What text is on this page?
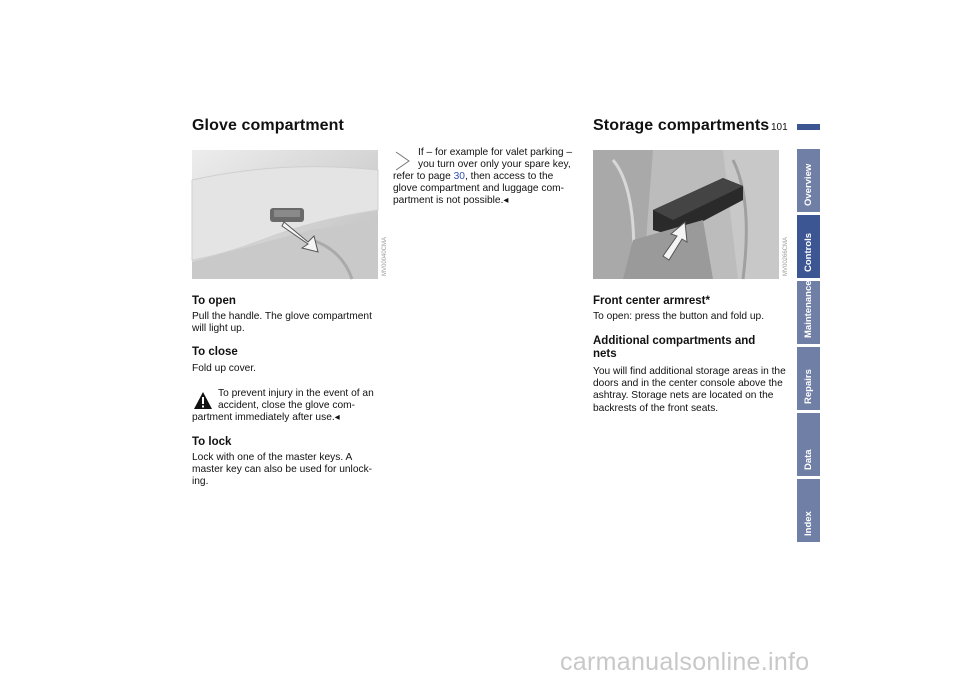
Glove compartment
MV00040CMA
To open
Pull the handle. The glove compartment will light up.
To close
Fold up cover.
To prevent injury in the event of an
accident, close the glove com-
partment immediately after use.◂
To lock
Lock with one of the master keys. A master key can also be used for unlock-ing.
If – for example for valet parking –
you turn over only your spare key,
refer to page 30, then access to the
glove compartment and luggage com-
partment is not possible.◂
Storage compartments 101
MV00266CMA
Front center armrest*
To open: press the button and fold up.
Additional compartments and nets
You will find additional storage areas in the doors and in the center console above the ashtray. Storage nets are located on the backrests of the front seats.
Overview
Controls
Maintenance
Repairs
Data
Index
carmanualsonline.info
